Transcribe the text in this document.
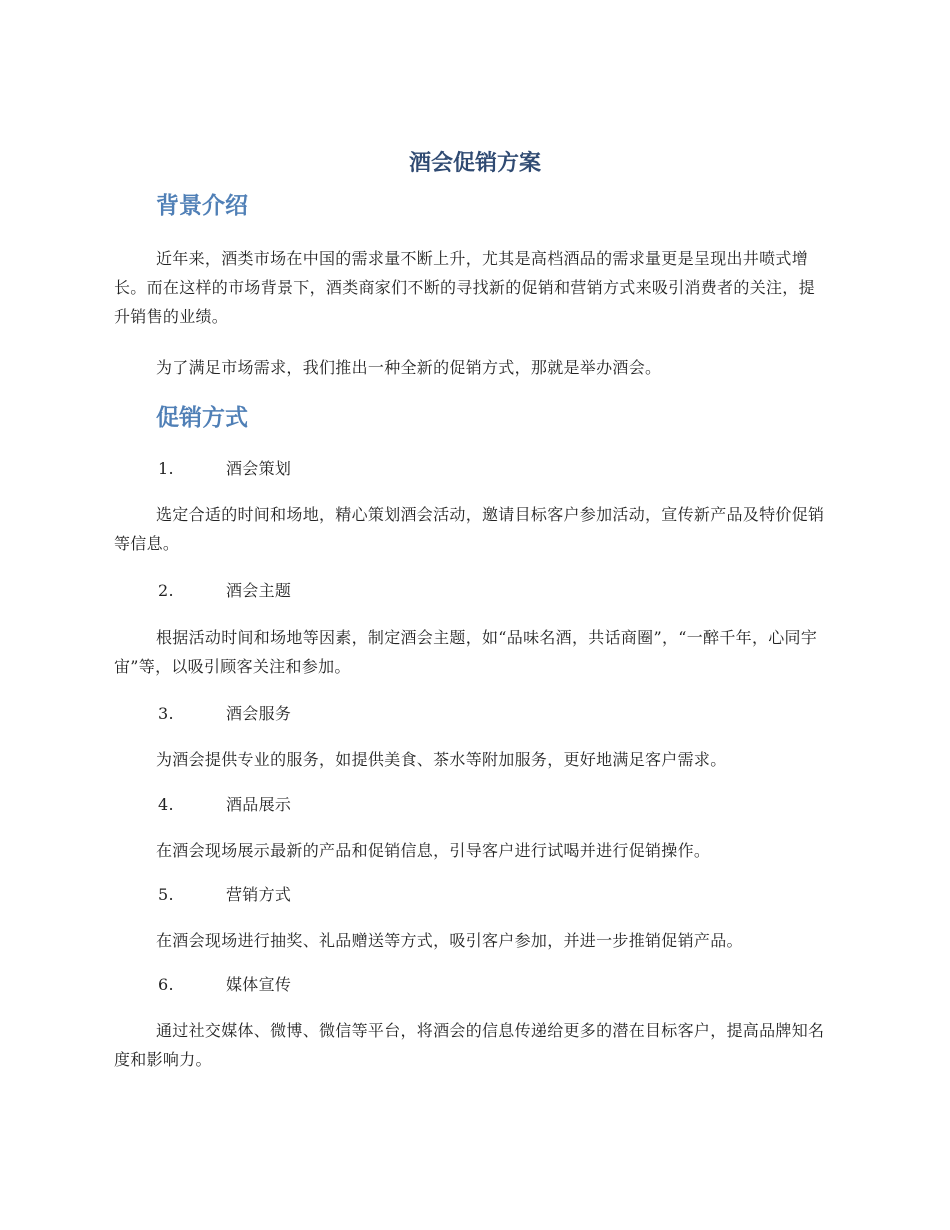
酒会促销方案
背景介绍
近年来，酒类市场在中国的需求量不断上升，尤其是高档酒品的需求量更是呈现出井喷式增长。而在这样的市场背景下，酒类商家们不断的寻找新的促销和营销方式来吸引消费者的关注，提升销售的业绩。
为了满足市场需求，我们推出一种全新的促销方式，那就是举办酒会。
促销方式
1.	酒会策划
选定合适的时间和场地，精心策划酒会活动，邀请目标客户参加活动，宣传新产品及特价促销等信息。
2.	酒会主题
根据活动时间和场地等因素，制定酒会主题，如“品味名酒，共话商圈”，“一醉千年，心同宇宙”等，以吸引顾客关注和参加。
3.	酒会服务
为酒会提供专业的服务，如提供美食、茶水等附加服务，更好地满足客户需求。
4.	酒品展示
在酒会现场展示最新的产品和促销信息，引导客户进行试喝并进行促销操作。
5.	营销方式
在酒会现场进行抽奖、礼品赠送等方式，吸引客户参加，并进一步推销促销产品。
6.	媒体宣传
通过社交媒体、微博、微信等平台，将酒会的信息传递给更多的潜在目标客户，提高品牌知名度和影响力。
